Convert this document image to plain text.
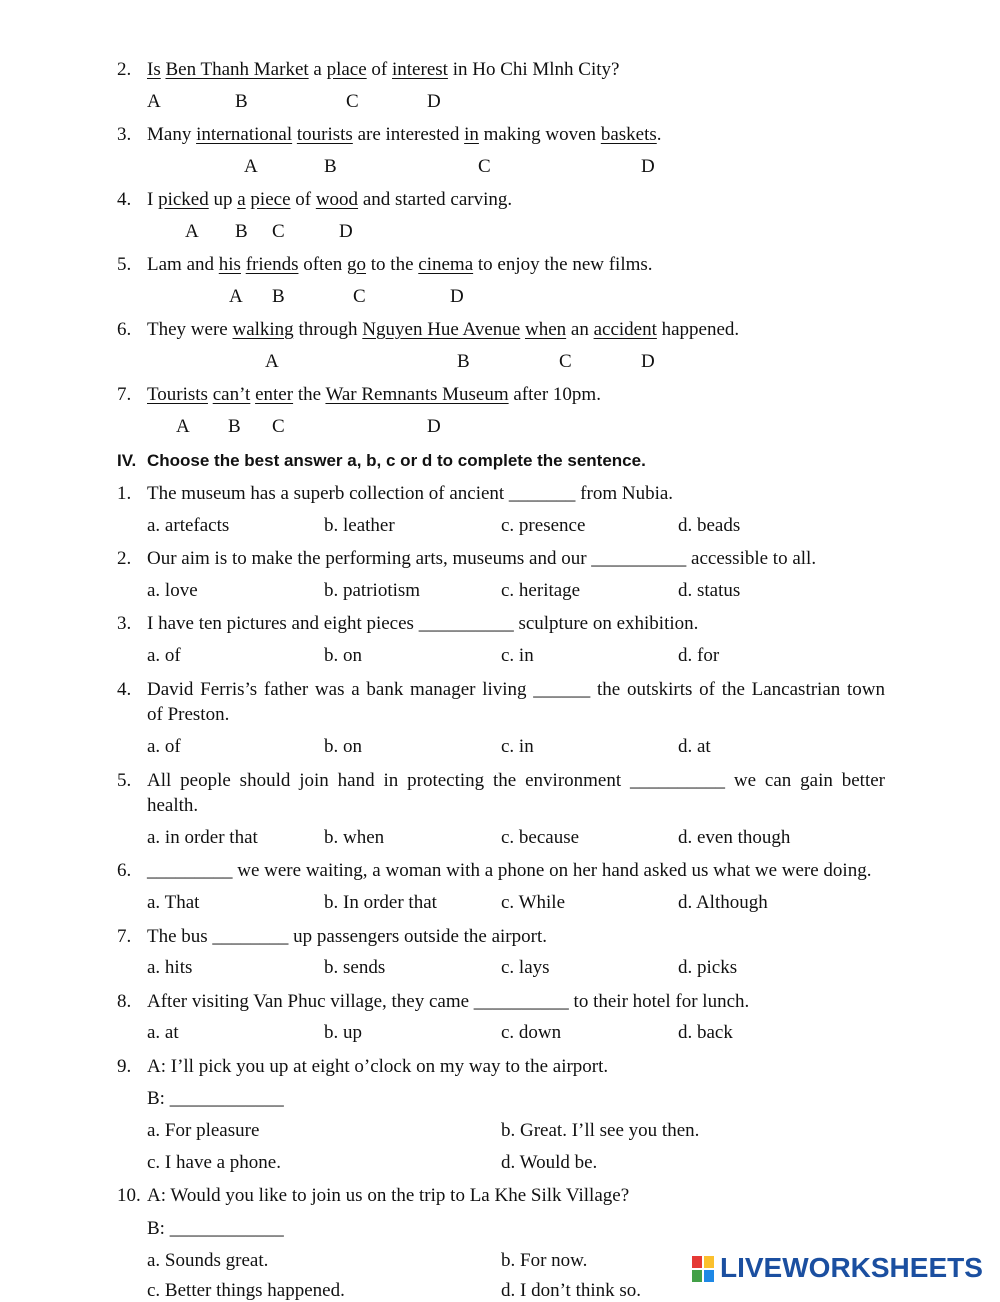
2. Is Ben Thanh Market a place of interest in Ho Chi Mlnh City?
A	B	C	D
3. Many international tourists are interested in making woven baskets.
A	B	C	D
4. I picked up a piece of wood and started carving.
A B C	D
5. Lam and his friends often go to the cinema to enjoy the new films.
A B	C	D
6. They were walking through Nguyen Hue Avenue when an accident happened.
A	B	C	D
7. Tourists can’t enter the War Remnants Museum after 10pm.
A B C	D
IV. Choose the best answer a, b, c or d to complete the sentence.
1. The museum has a superb collection of ancient _______ from Nubia.
a. artefacts	b. leather	c. presence	d. beads
2. Our aim is to make the performing arts, museums and our __________ accessible to all.
a. love	b. patriotism	c. heritage	d. status
3. I have ten pictures and eight pieces __________ sculpture on exhibition.
a. of	b. on	c. in	d. for
4. David Ferris’s father was a bank manager living ______ the outskirts of the Lancastrian town
of Preston.
a. of	b. on	c. in	d. at
5. All people should join hand in protecting the environment __________ we can gain better
health.
a. in order that	b. when	c. because	d. even though
6. _________ we were waiting, a woman with a phone on her hand asked us what we were doing.
a. That	b. In order that	c. While	d. Although
7. The bus ________ up passengers outside the airport.
a. hits	b. sends	c. lays	d. picks
8. After visiting Van Phuc village, they came __________ to their hotel for lunch.
a. at	b. up	c. down	d. back
9. A: I’ll pick you up at eight o’clock on my way to the airport.
B: ____________
a. For pleasure	b. Great. I’ll see you then.
c. I have a phone.	d. Would be.
10. A: Would you like to join us on the trip to La Khe Silk Village?
B: ____________
a. Sounds great.	b. For now.
c. Better things happened.	d. I don’t think so.
LIVEWORKSHEETS
